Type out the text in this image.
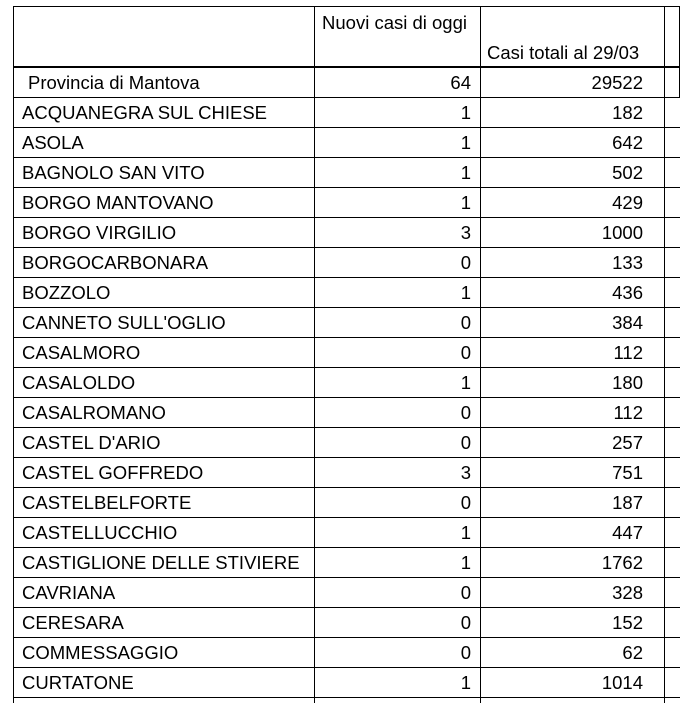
	Nuovi casi di oggi	Casi totali al 29/03	
Provincia di Mantova	64	29522	
ACQUANEGRA SUL CHIESE	1	182	
ASOLA	1	642	
BAGNOLO SAN VITO	1	502	
BORGO MANTOVANO	1	429	
BORGO VIRGILIO	3	1000	
BORGOCARBONARA	0	133	
BOZZOLO	1	436	
CANNETO SULL'OGLIO	0	384	
CASALMORO	0	112	
CASALOLDO	1	180	
CASALROMANO	0	112	
CASTEL D'ARIO	0	257	
CASTEL GOFFREDO	3	751	
CASTELBELFORTE	0	187	
CASTELLUCCHIO	1	447	
CASTIGLIONE DELLE STIVIERE	1	1762	
CAVRIANA	0	328	
CERESARA	0	152	
COMMESSAGGIO	0	62	
CURTATONE	1	1014	
